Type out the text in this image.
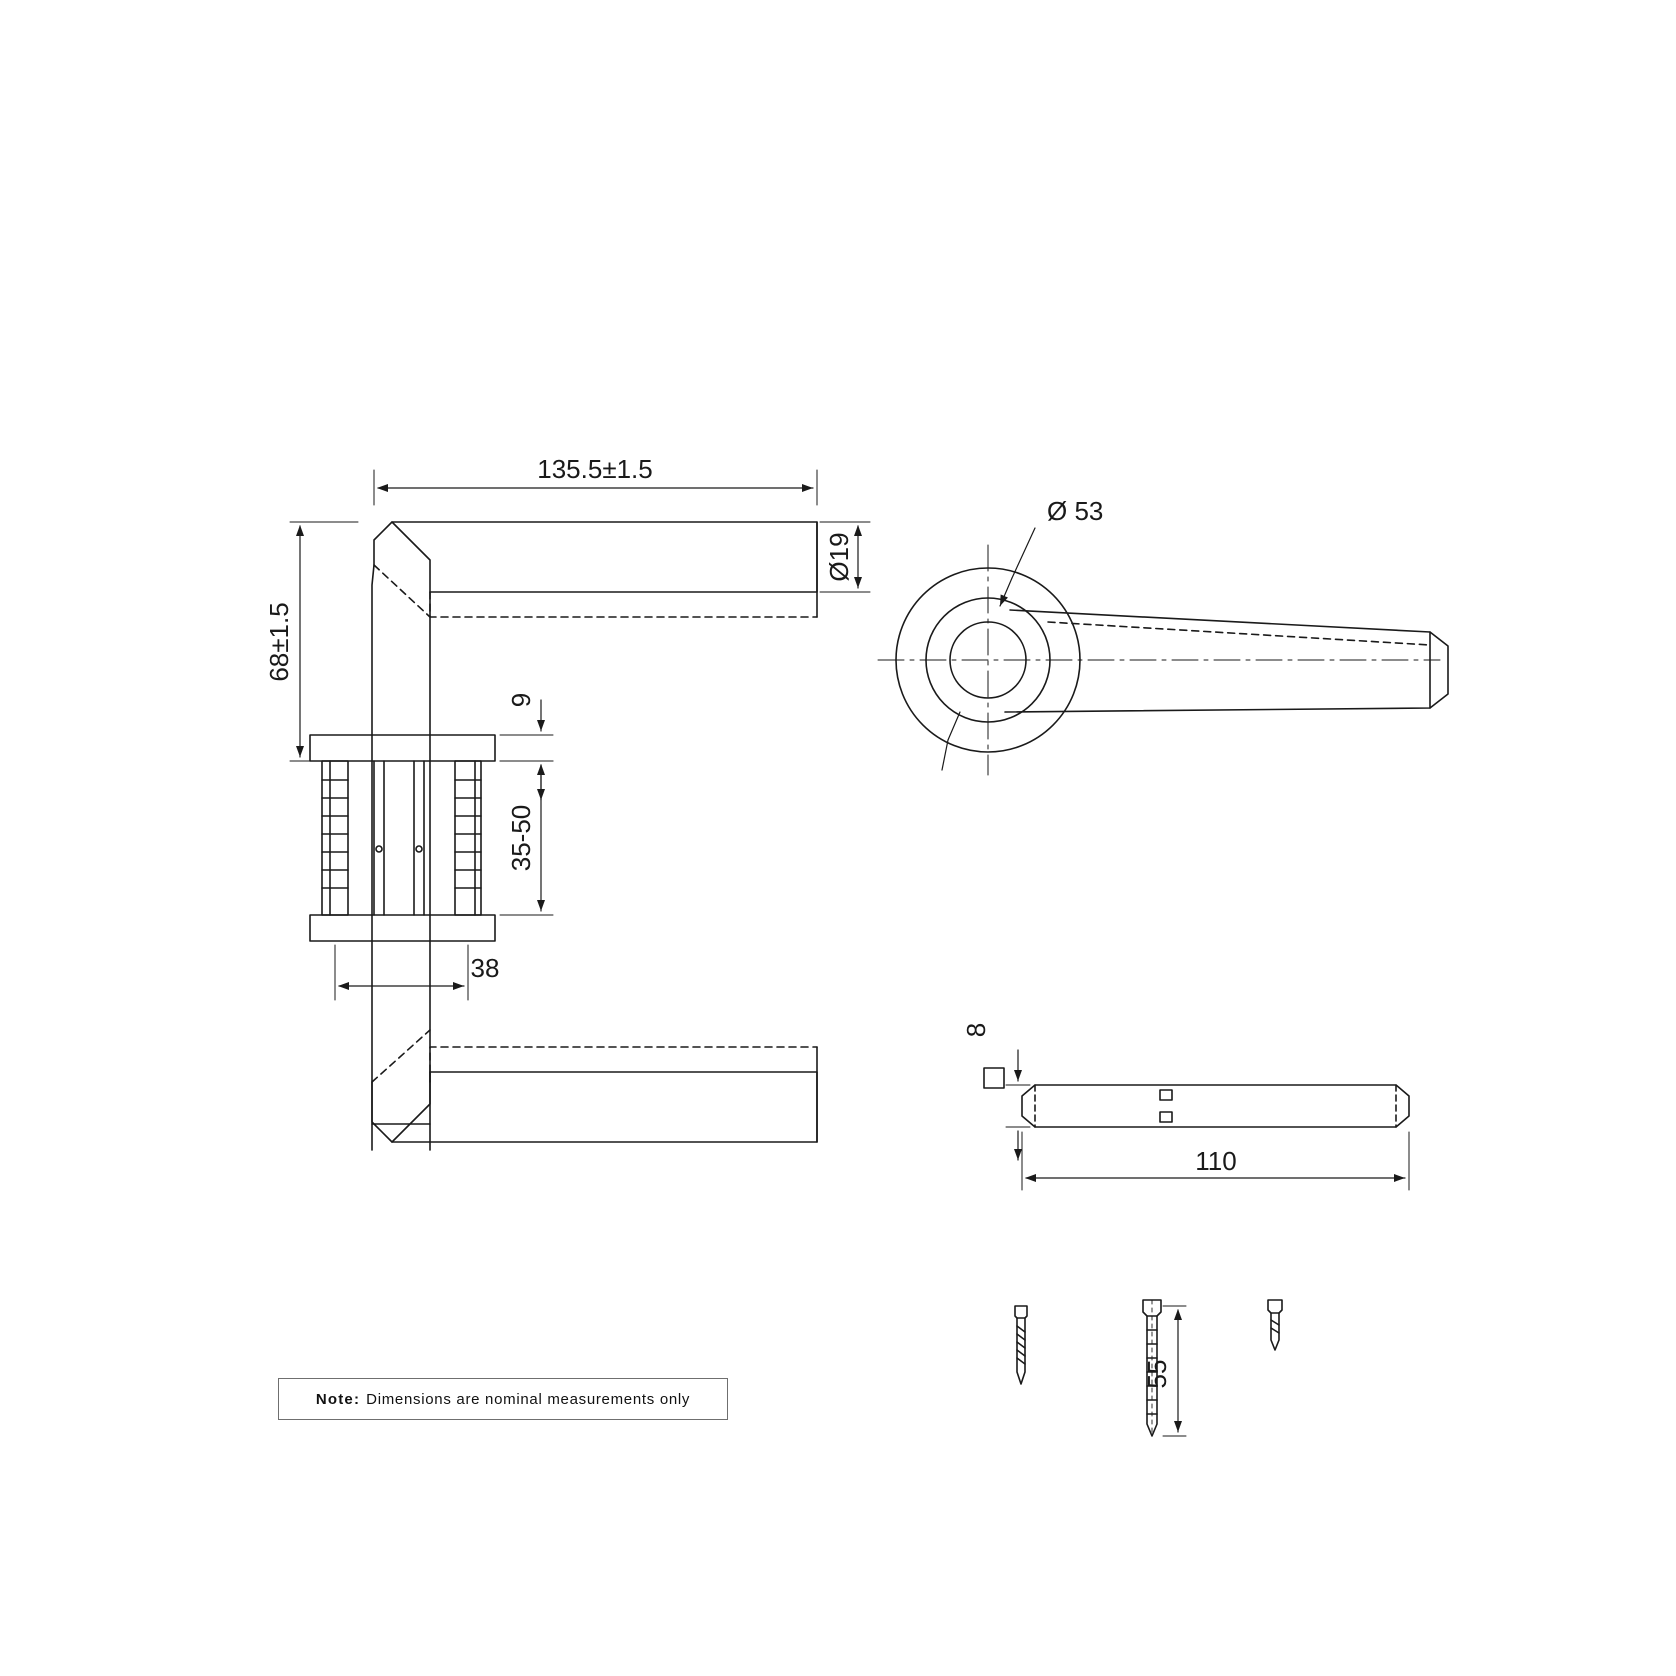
135.5±1.5
68±1.5
Ø19
9
35-50
38
Ø 53
8
110
55
Note: Dimensions are nominal measurements only
